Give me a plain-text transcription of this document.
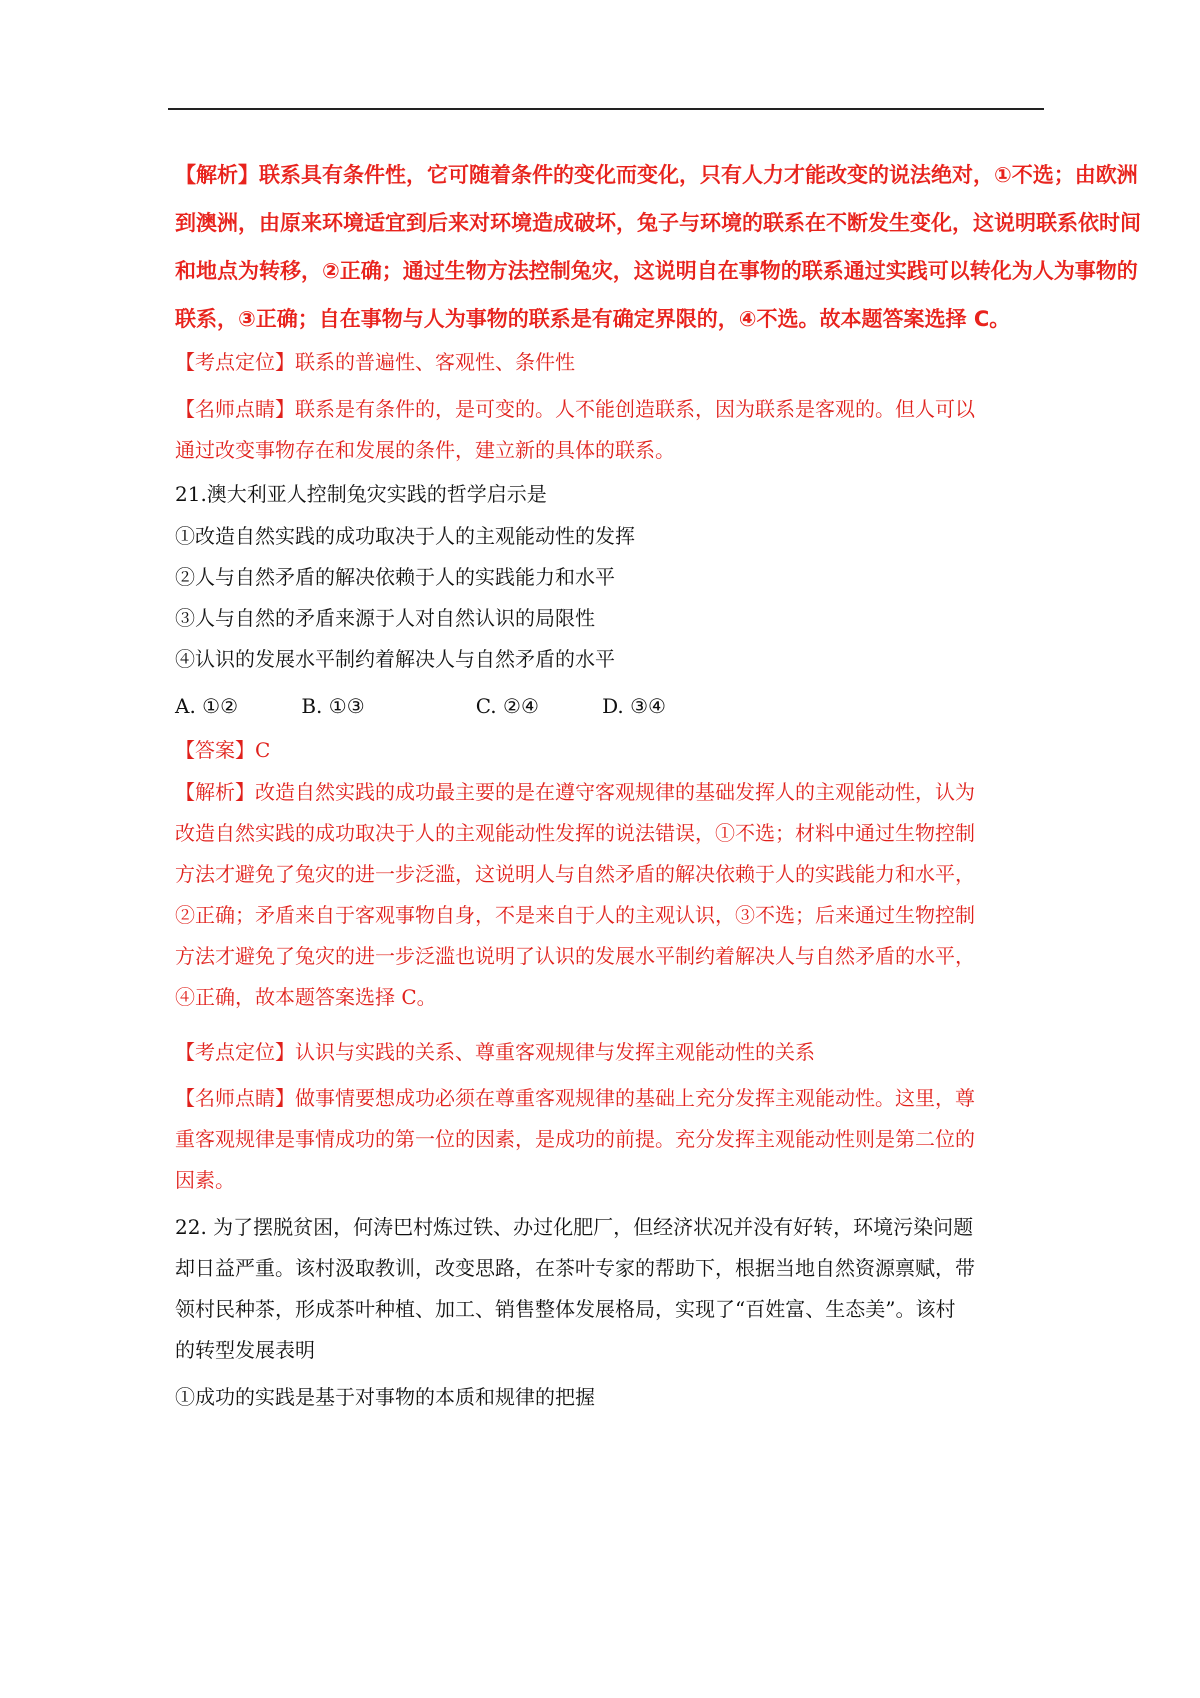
【解析】联系具有条件性，它可随着条件的变化而变化，只有人力才能改变的说法绝对，①不选；由欧洲
到澳洲，由原来环境适宜到后来对环境造成破坏，兔子与环境的联系在不断发生变化，这说明联系依时间
和地点为转移，②正确；通过生物方法控制兔灾，这说明自在事物的联系通过实践可以转化为人为事物的
联系，③正确；自在事物与人为事物的联系是有确定界限的，④不选。故本题答案选择 C。
【考点定位】联系的普遍性、客观性、条件性
【名师点睛】联系是有条件的，是可变的。人不能创造联系，因为联系是客观的。但人可以
通过改变事物存在和发展的条件，建立新的具体的联系。
21.澳大利亚人控制兔灾实践的哲学启示是
①改造自然实践的成功取决于人的主观能动性的发挥
②人与自然矛盾的解决依赖于人的实践能力和水平
③人与自然的矛盾来源于人对自然认识的局限性
④认识的发展水平制约着解决人与自然矛盾的水平
A. ①②	B. ①③	C. ②④	D. ③④
【答案】C
【解析】改造自然实践的成功最主要的是在遵守客观规律的基础发挥人的主观能动性，认为
改造自然实践的成功取决于人的主观能动性发挥的说法错误，①不选；材料中通过生物控制
方法才避免了兔灾的进一步泛滥，这说明人与自然矛盾的解决依赖于人的实践能力和水平，
②正确；矛盾来自于客观事物自身，不是来自于人的主观认识，③不选；后来通过生物控制
方法才避免了兔灾的进一步泛滥也说明了认识的发展水平制约着解决人与自然矛盾的水平，
④正确，故本题答案选择 C。
【考点定位】认识与实践的关系、尊重客观规律与发挥主观能动性的关系
【名师点睛】做事情要想成功必须在尊重客观规律的基础上充分发挥主观能动性。这里，尊
重客观规律是事情成功的第一位的因素，是成功的前提。充分发挥主观能动性则是第二位的
因素。
22. 为了摆脱贫困，何涛巴村炼过铁、办过化肥厂，但经济状况并没有好转，环境污染问题
却日益严重。该村汲取教训，改变思路，在茶叶专家的帮助下，根据当地自然资源禀赋，带
领村民种茶，形成茶叶种植、加工、销售整体发展格局，实现了“百姓富、生态美”。该村
的转型发展表明
①成功的实践是基于对事物的本质和规律的把握
